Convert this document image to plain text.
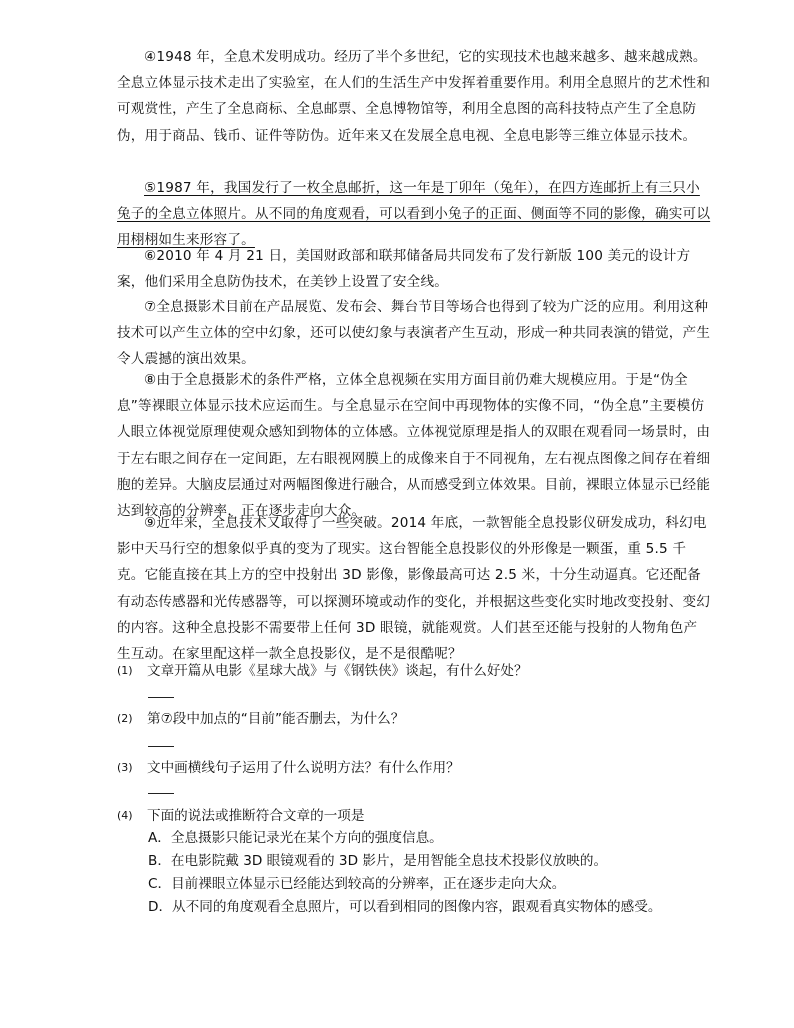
④1948 年，全息术发明成功。经历了半个多世纪，它的实现技术也越来越多、越来越成熟。全息立体显示技术走出了实验室，在人们的生活生产中发挥着重要作用。利用全息照片的艺术性和可观赏性，产生了全息商标、全息邮票、全息博物馆等，利用全息图的高科技特点产生了全息防伪，用于商品、钱币、证件等防伪。近年来又在发展全息电视、全息电影等三维立体显示技术。
⑤1987 年，我国发行了一枚全息邮折，这一年是丁卯年（兔年），在四方连邮折上有三只小兔子的全息立体照片。从不同的角度观看，可以看到小兔子的正面、侧面等不同的影像，确实可以用栩栩如生来形容了。
⑥2010 年 4 月 21 日，美国财政部和联邦储备局共同发布了发行新版 100 美元的设计方案，他们采用全息防伪技术，在美钞上设置了安全线。
⑦全息摄影术目前在产品展览、发布会、舞台节目等场合也得到了较为广泛的应用。利用这种技术可以产生立体的空中幻象，还可以使幻象与表演者产生互动，形成一种共同表演的错觉，产生令人震撼的演出效果。
⑧由于全息摄影术的条件严格，立体全息视频在实用方面目前仍难大规模应用。于是“伪全息”等裸眼立体显示技术应运而生。与全息显示在空间中再现物体的实像不同，“伪全息”主要模仿人眼立体视觉原理使观众感知到物体的立体感。立体视觉原理是指人的双眼在观看同一场景时，由于左右眼之间存在一定间距，左右眼视网膜上的成像来自于不同视角，左右视点图像之间存在着细胞的差异。大脑皮层通过对两幅图像进行融合，从而感受到立体效果。目前，裸眼立体显示已经能达到较高的分辨率，正在逐步走向大众。
⑨近年来，全息技术又取得了一些突破。2014 年底，一款智能全息投影仪研发成功，科幻电影中天马行空的想象似乎真的变为了现实。这台智能全息投影仪的外形像是一颗蛋，重 5.5 千克。它能直接在其上方的空中投射出 3D 影像，影像最高可达 2.5 米，十分生动逼真。它还配备有动态传感器和光传感器等，可以探测环境或动作的变化，并根据这些变化实时地改变投射、变幻的内容。这种全息投影不需要带上任何 3D 眼镜，就能观赏。人们甚至还能与投射的人物角色产生互动。在家里配这样一款全息投影仪，是不是很酷呢？
(1) 文章开篇从电影《星球大战》与《钢铁侠》谈起，有什么好处？
(2) 第⑦段中加点的“目前”能否删去，为什么？
(3) 文中画横线句子运用了什么说明方法？有什么作用？
(4) 下面的说法或推断符合文章的一项是
A．全息摄影只能记录光在某个方向的强度信息。
B．在电影院戴 3D 眼镜观看的 3D 影片，是用智能全息技术投影仪放映的。
C．目前裸眼立体显示已经能达到较高的分辨率，正在逐步走向大众。
D．从不同的角度观看全息照片，可以看到相同的图像内容，跟观看真实物体的感受。
